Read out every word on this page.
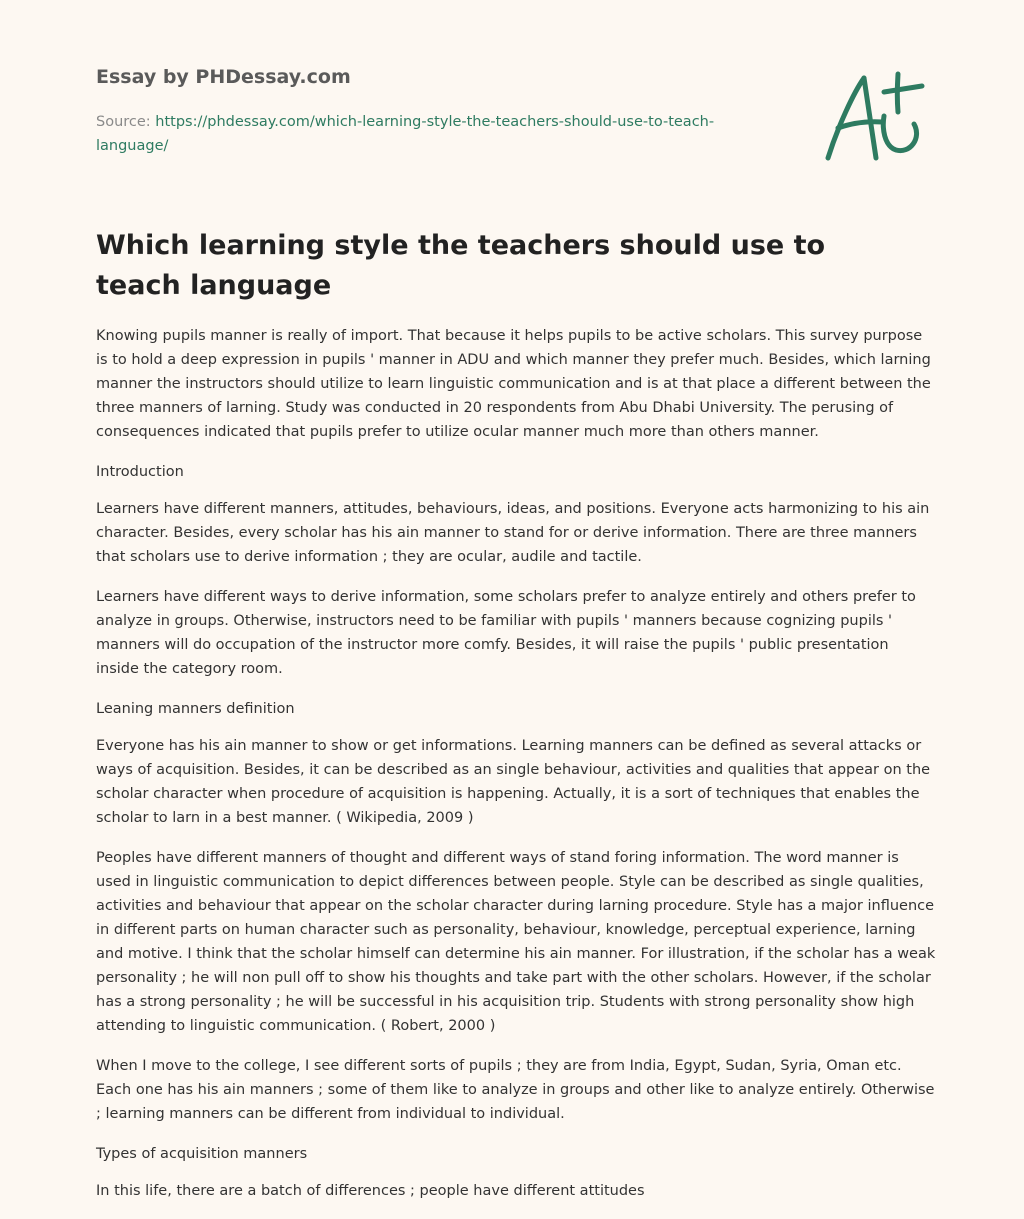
Essay by PHDessay.com

Source: https://phdessay.com/which-learning-style-the-teachers-should-use-to-teach-language/

Which learning style the teachers should use to teach language

Knowing pupils manner is really of import. That because it helps pupils to be active scholars. This survey purpose is to hold a deep expression in pupils ' manner in ADU and which manner they prefer much. Besides, which larning manner the instructors should utilize to learn linguistic communication and is at that place a different between the three manners of larning. Study was conducted in 20 respondents from Abu Dhabi University. The perusing of consequences indicated that pupils prefer to utilize ocular manner much more than others manner.

Introduction

Learners have different manners, attitudes, behaviours, ideas, and positions. Everyone acts harmonizing to his ain character. Besides, every scholar has his ain manner to stand for or derive information. There are three manners that scholars use to derive information ; they are ocular, audile and tactile.

Learners have different ways to derive information, some scholars prefer to analyze entirely and others prefer to analyze in groups. Otherwise, instructors need to be familiar with pupils ' manners because cognizing pupils ' manners will do occupation of the instructor more comfy. Besides, it will raise the pupils ' public presentation inside the category room.

Leaning manners definition

Everyone has his ain manner to show or get informations. Learning manners can be defined as several attacks or ways of acquisition. Besides, it can be described as an single behaviour, activities and qualities that appear on the scholar character when procedure of acquisition is happening. Actually, it is a sort of techniques that enables the scholar to larn in a best manner. ( Wikipedia, 2009 )

Peoples have different manners of thought and different ways of stand foring information. The word manner is used in linguistic communication to depict differences between people. Style can be described as single qualities, activities and behaviour that appear on the scholar character during larning procedure. Style has a major influence in different parts on human character such as personality, behaviour, knowledge, perceptual experience, larning and motive. I think that the scholar himself can determine his ain manner. For illustration, if the scholar has a weak personality ; he will non pull off to show his thoughts and take part with the other scholars. However, if the scholar has a strong personality ; he will be successful in his acquisition trip. Students with strong personality show high attending to linguistic communication. ( Robert, 2000 )

When I move to the college, I see different sorts of pupils ; they are from India, Egypt, Sudan, Syria, Oman etc. Each one has his ain manners ; some of them like to analyze in groups and other like to analyze entirely. Otherwise ; learning manners can be different from individual to individual.

Types of acquisition manners

In this life, there are a batch of differences ; people have different attitudes
